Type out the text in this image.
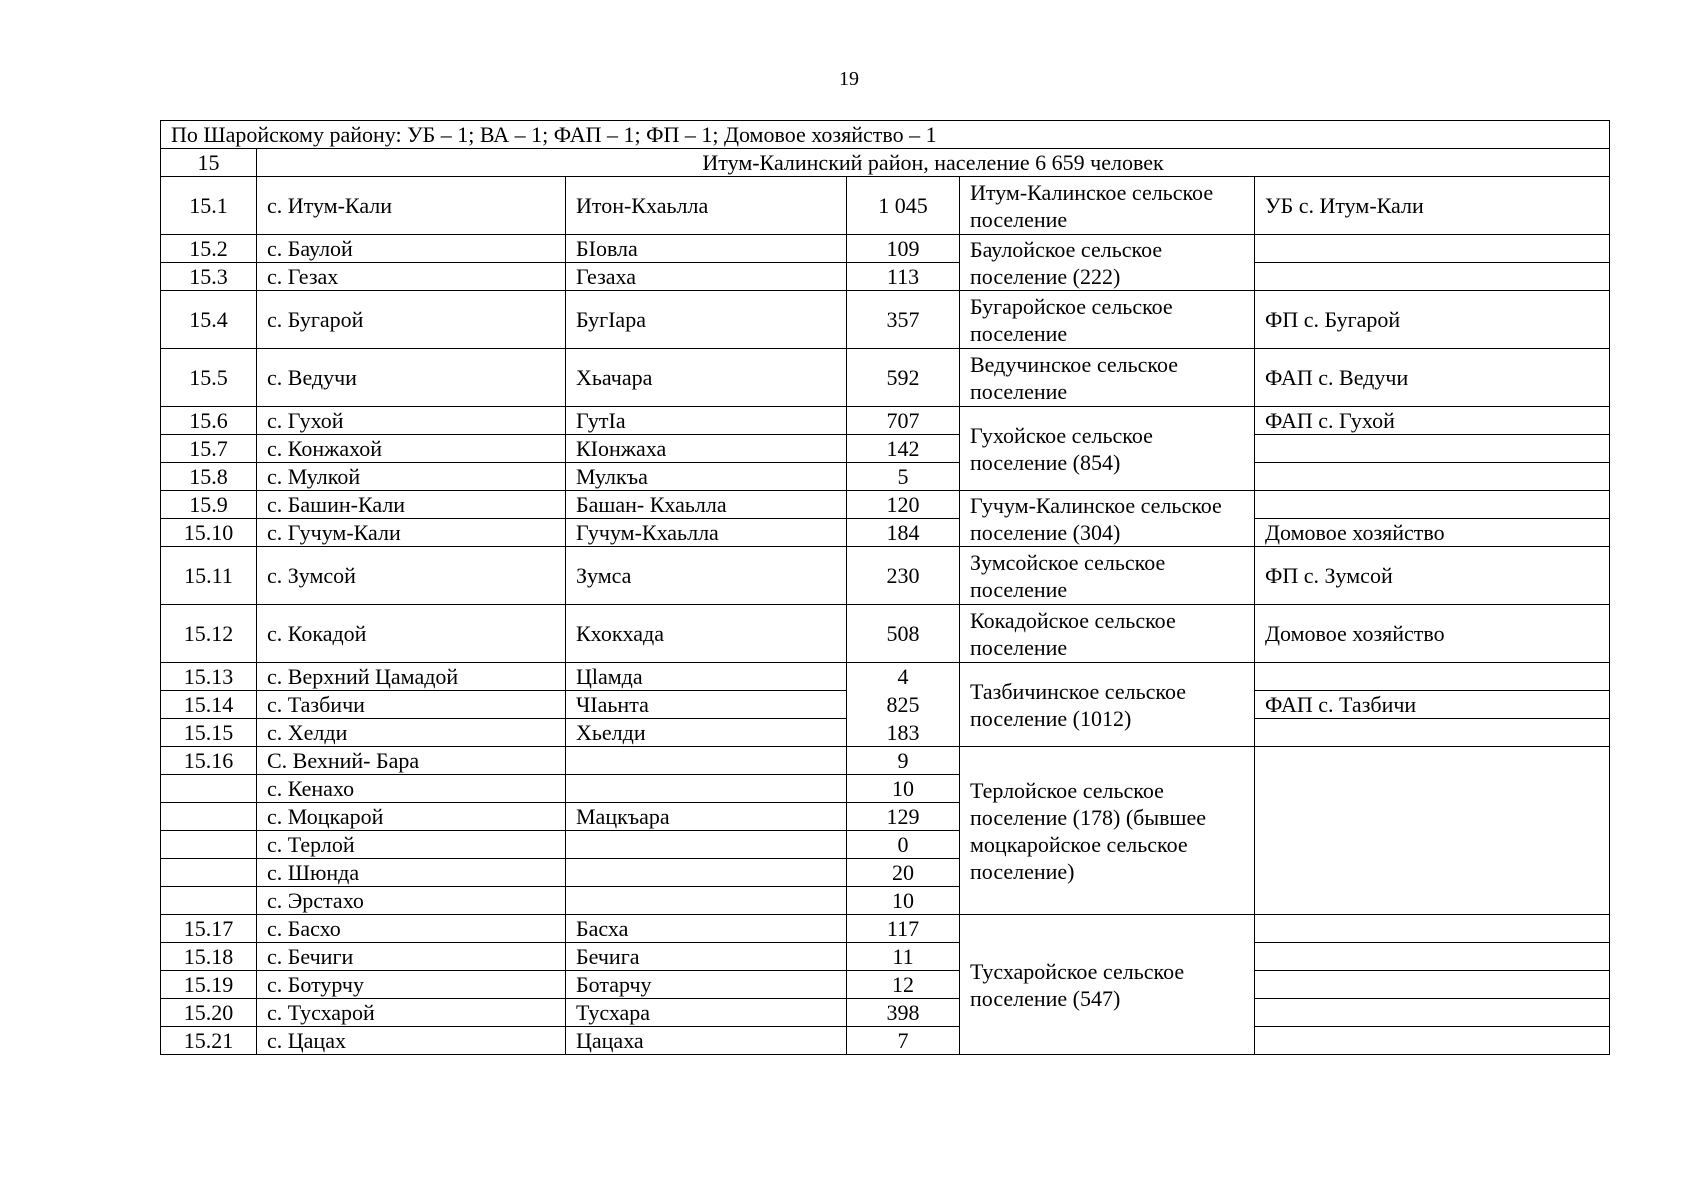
19
По Шаройскому району: УБ – 1; ВА – 1; ФАП – 1; ФП – 1; Домовое хозяйство – 1					
15	Итум-Калинский район, население 6 659 человек				
15.1	с. Итум-Кали	Итон-Кхаьлла	1 045	Итум-Калинское сельское поселение	УБ с. Итум-Кали
15.2	с. Баулой	БIовла	109	Баулойское сельское поселение (222)	
15.3	с. Гезах	Гезаха	113		
15.4	с. Бугарой	БугIара	357	Бугаройское сельское поселение	ФП с. Бугарой
15.5	с. Ведучи	Хьачара	592	Ведучинское сельское поселение	ФАП с. Ведучи
15.6	с. Гухой	ГутIа	707	Гухойское сельское поселение (854)	ФАП с. Гухой
15.7	с. Конжахой	КIонжаха	142		
15.8	с. Мулкой	Мулкъа	5		
15.9	с. Башин-Кали	Башан- Кхаьлла	120	Гучум-Калинское сельское поселение (304)	
15.10	с. Гучум-Кали	Гучум-Кхаьлла	184		Домовое хозяйство
15.11	с. Зумсой	Зумса	230	Зумсойское сельское поселение	ФП с. Зумсой
15.12	с. Кокадой	Кхокхада	508	Кокадойское сельское поселение	Домовое хозяйство
15.13	с. Верхний Цамадой	Цlамда	4	Тазбичинское сельское поселение (1012)	
15.14	с. Тазбичи	ЧIаьнта	825		ФАП с. Тазбичи
15.15	с. Хелди	Хьелди	183		
15.16	С. Вехний- Бара		9	Терлойское сельское поселение (178) (бывшее моцкаройское сельское поселение)	
	с. Кенахо		10		
	с. Моцкарой	Мацкъара	129		
	с. Терлой		0		
	с. Шюнда		20		
	с. Эрстахо		10		
15.17	с. Басхо	Басха	117	Тусхаройское сельское поселение (547)	
15.18	с. Бечиги	Бечига	11		
15.19	с. Ботурчу	Ботарчу	12		
15.20	с. Тусхарой	Тусхара	398		
15.21	с. Цацах	Цацаха	7		
